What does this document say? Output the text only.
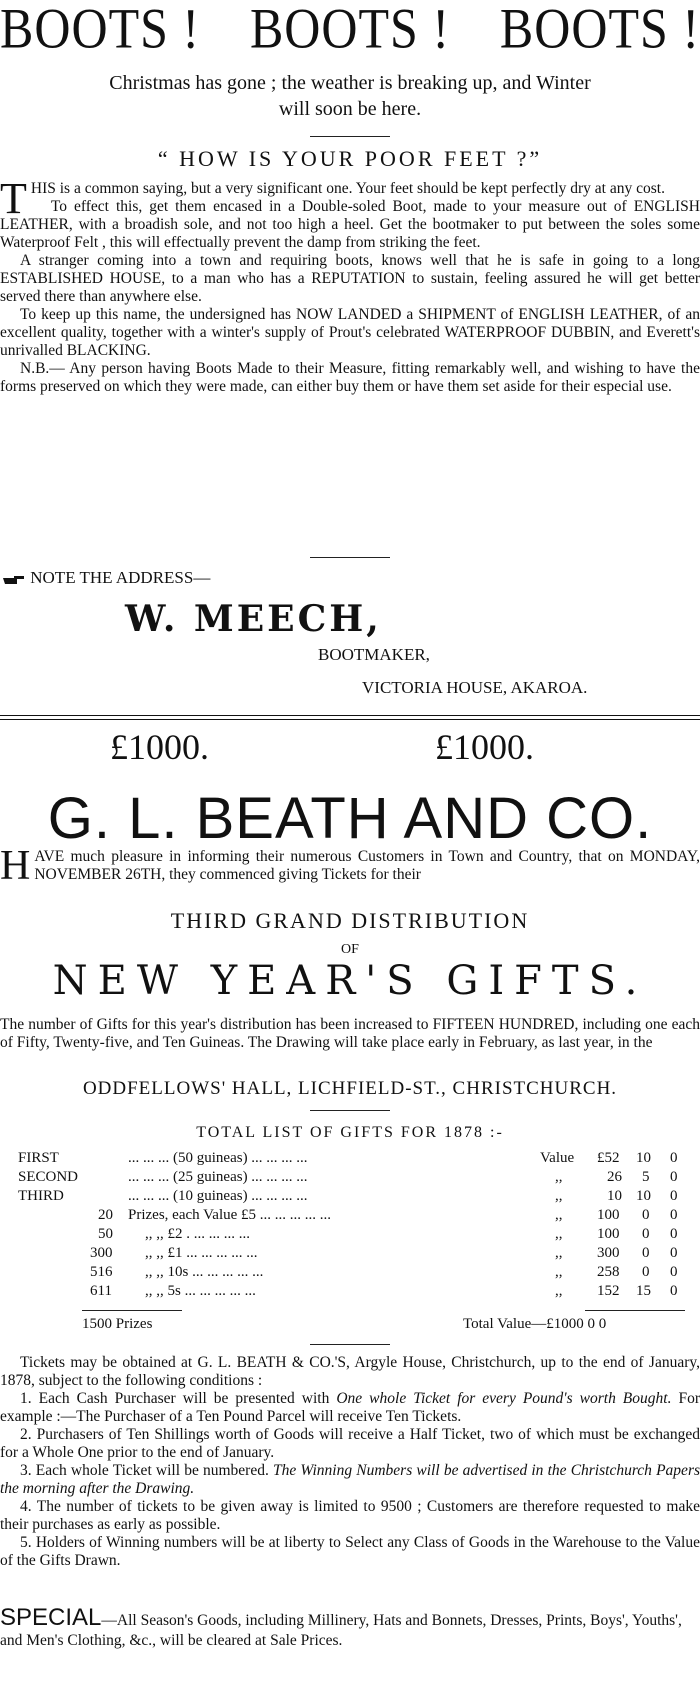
BOOTS ! BOOTS ! BOOTS !
Christmas has gone ; the weather is breaking up, and Winter
will soon be here.
“ HOW IS YOUR POOR FEET ?”
T HIS is a common saying, but a very significant one. Your feet should be kept perfectly dry at any cost.

To effect this, get them encased in a Double-soled Boot, made to your measure out of ENGLISH LEATHER, with a broadish sole, and not too high a heel. Get the bootmaker to put between the soles some Waterproof Felt , this will effectually prevent the damp from striking the feet.

A stranger coming into a town and requiring boots, knows well that he is safe in going to a long ESTABLISHED HOUSE, to a man who has a REPUTATION to sustain, feeling assured he will get better served there than anywhere else.

To keep up this name, the undersigned has NOW LANDED a SHIPMENT of ENGLISH LEATHER, of an excellent quality, together with a winter's supply of Prout's celebrated WATERPROOF DUBBIN, and Everett's unrivalled BLACKING.

N.B.— Any person having Boots Made to their Measure, fitting remarkably well, and wishing to have the forms preserved on which they were made, can either buy them or have them set aside for their especial use.

NOTE THE ADDRESS—
W. MEECH,
BOOTMAKER,
VICTORIA HOUSE, AKAROA.
£1000.	£1000.
G. L. BEATH AND CO.
H AVE much pleasure in informing their numerous Customers in Town and Country, that on MONDAY, NOVEMBER 26TH, they commenced giving Tickets for their

THIRD GRAND DISTRIBUTION
OF
NEW YEAR'S GIFTS.
The number of Gifts for this year's distribution has been increased to FIFTEEN HUNDRED, including one each of Fifty, Twenty-five, and Ten Guineas. The Drawing will take place early in February, as last year, in the
ODDFELLOWS' HALL, LICHFIELD-ST., CHRISTCHURCH.
TOTAL LIST OF GIFTS FOR 1878 :-
FIRST	... ... ... (50 guineas) ... ... ... ...	Value £52 10 0
SECOND	... ... ... (25 guineas) ... ... ... ...	,,	26 5 0
THIRD	... ... ... (10 guineas) ... ... ... ...	,,	10 10 0
20 Prizes, each Value £5 ... ... ... ... ...	,, 100 0 0
50 ,, ,, £2 . ... ... ... ...	,, 100 0 0
300 ,, ,, £1 ... ... ... ... ...	,, 300 0 0
516 ,, ,, 10s ... ... ... ... ...	,, 258 0 0
611 ,, ,, 5s ... ... ... ... ...	,, 152 15 0
1500 Prizes	Total Value—£1000 0 0

Tickets may be obtained at G. L. BEATH & CO.'S, Argyle House, Christchurch, up to the end of January, 1878, subject to the following conditions :

1. Each Cash Purchaser will be presented with One whole Ticket for every Pound's worth Bought. For example :—The Purchaser of a Ten Pound Parcel will receive Ten Tickets.

2. Purchasers of Ten Shillings worth of Goods will receive a Half Ticket, two of which must be exchanged for a Whole One prior to the end of January.

3. Each whole Ticket will be numbered. The Winning Numbers will be advertised in the Christchurch Papers the morning after the Drawing.

4. The number of tickets to be given away is limited to 9500 ; Customers are therefore requested to make their purchases as early as possible.

5. Holders of Winning numbers will be at liberty to Select any Class of Goods in the Warehouse to the Value of the Gifts Drawn.

SPECIAL—All Season's Goods, including Millinery, Hats and Bonnets, Dresses, Prints, Boys', Youths', and Men's Clothing, &c., will be cleared at Sale Prices.
